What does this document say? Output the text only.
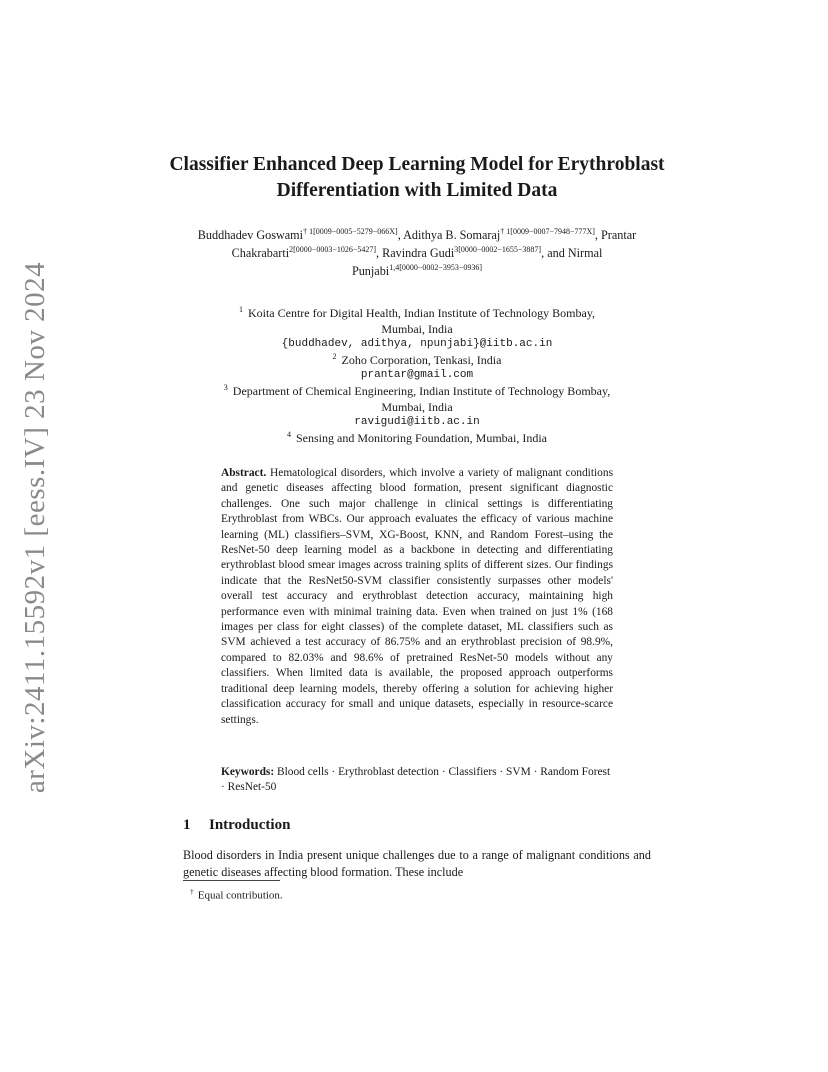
arXiv:2411.15592v1 [eess.IV] 23 Nov 2024
Classifier Enhanced Deep Learning Model for Erythroblast Differentiation with Limited Data
Buddhadev Goswami$^{\dagger 1[0009-0005-5279-066X]}$, Adithya B. Somaraj$^{\dagger 1[0009-0007-7948-777X]}$, Prantar Chakrabarti$^{2[0000-0003-1026-5427]}$, Ravindra Gudi$^{3[0000-0002-1655-3887]}$, and Nirmal Punjabi$^{1,4[0000-0002-3953-0936]}$
$^1$ Koita Centre for Digital Health, Indian Institute of Technology Bombay,
Mumbai, India
{buddhadev, adithya, npunjabi}@iitb.ac.in
$^2$ Zoho Corporation, Tenkasi, India
prantar@gmail.com
$^3$ Department of Chemical Engineering, Indian Institute of Technology Bombay,
Mumbai, India
ravigudi@iitb.ac.in
$^4$ Sensing and Monitoring Foundation, Mumbai, India
Abstract. Hematological disorders, which involve a variety of malignant conditions and genetic diseases affecting blood formation, present significant diagnostic challenges. One such major challenge in clinical settings is differentiating Erythroblast from WBCs. Our approach evaluates the efficacy of various machine learning (ML) classifiers–SVM, XG-Boost, KNN, and Random Forest–using the ResNet-50 deep learning model as a backbone in detecting and differentiating erythroblast blood smear images across training splits of different sizes. Our findings indicate that the ResNet50-SVM classifier consistently surpasses other models' overall test accuracy and erythroblast detection accuracy, maintaining high performance even with minimal training data. Even when trained on just 1% (168 images per class for eight classes) of the complete dataset, ML classifiers such as SVM achieved a test accuracy of 86.75% and an erythroblast precision of 98.9%, compared to 82.03% and 98.6% of pretrained ResNet-50 models without any classifiers. When limited data is available, the proposed approach outperforms traditional deep learning models, thereby offering a solution for achieving higher classification accuracy for small and unique datasets, especially in resource-scarce settings.
Keywords: Blood cells · Erythroblast detection · Classifiers · SVM · Random Forest · ResNet-50
1 Introduction
Blood disorders in India present unique challenges due to a range of malignant conditions and genetic diseases affecting blood formation. These include
† Equal contribution.
